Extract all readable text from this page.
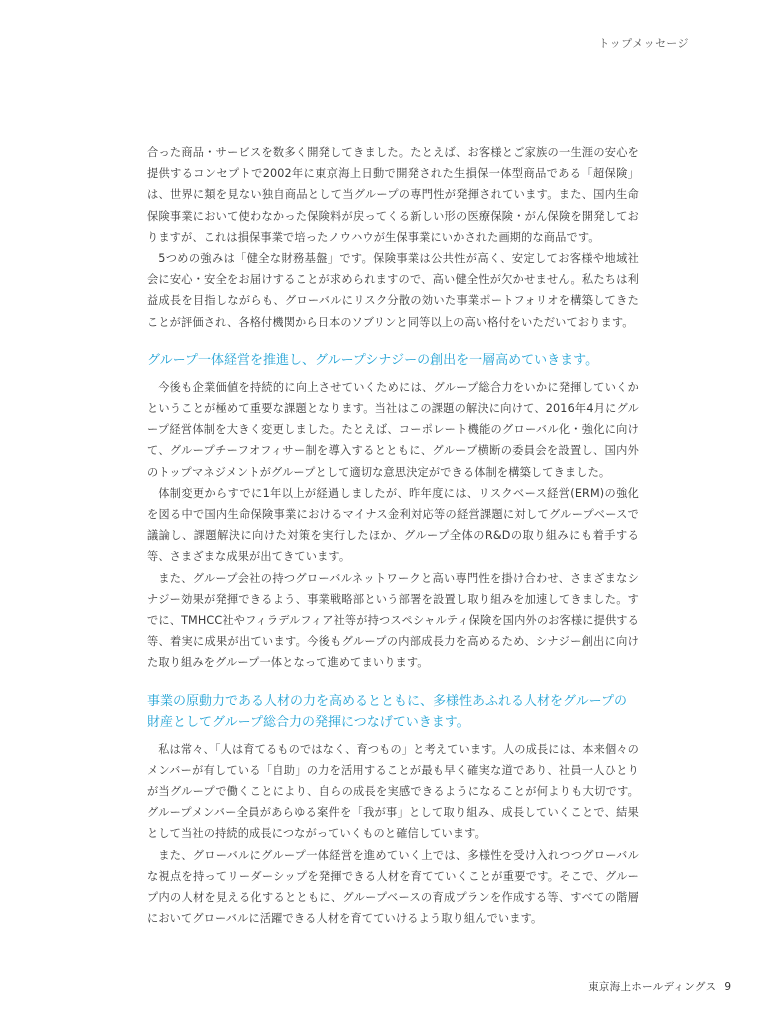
トップメッセージ

合った商品・サービスを数多く開発してきました。たとえば、お客様とご家族の一生涯の安心を提供するコンセプトで2002年に東京海上日動で開発された生損保一体型商品である「超保険」は、世界に類を見ない独自商品として当グループの専門性が発揮されています。また、国内生命保険事業において使わなかった保険料が戻ってくる新しい形の医療保険・がん保険を開発しておりますが、これは損保事業で培ったノウハウが生保事業にいかされた画期的な商品です。

5つめの強みは「健全な財務基盤」です。保険事業は公共性が高く、安定してお客様や地域社会に安心・安全をお届けすることが求められますので、高い健全性が欠かせません。私たちは利益成長を目指しながらも、グローバルにリスク分散の効いた事業ポートフォリオを構築してきたことが評価され、各格付機関から日本のソブリンと同等以上の高い格付をいただいております。

グループ一体経営を推進し、グループシナジーの創出を一層高めていきます。

今後も企業価値を持続的に向上させていくためには、グループ総合力をいかに発揮していくかということが極めて重要な課題となります。当社はこの課題の解決に向けて、2016年4月にグループ経営体制を大きく変更しました。たとえば、コーポレート機能のグローバル化・強化に向けて、グループチーフオフィサー制を導入するとともに、グループ横断の委員会を設置し、国内外のトップマネジメントがグループとして適切な意思決定ができる体制を構築してきました。

体制変更からすでに1年以上が経過しましたが、昨年度には、リスクベース経営(ERM)の強化を図る中で国内生命保険事業におけるマイナス金利対応等の経営課題に対してグループベースで議論し、課題解決に向けた対策を実行したほか、グループ全体のR&Dの取り組みにも着手する等、さまざまな成果が出てきています。

また、グループ会社の持つグローバルネットワークと高い専門性を掛け合わせ、さまざまなシナジー効果が発揮できるよう、事業戦略部という部署を設置し取り組みを加速してきました。すでに、TMHCC社やフィラデルフィア社等が持つスペシャルティ保険を国内外のお客様に提供する等、着実に成果が出ています。今後もグループの内部成長力を高めるため、シナジー創出に向けた取り組みをグループ一体となって進めてまいります。

事業の原動力である人材の力を高めるとともに、多様性あふれる人材をグループの財産としてグループ総合力の発揮につなげていきます。

私は常々、「人は育てるものではなく、育つもの」と考えています。人の成長には、本来個々のメンバーが有している「自助」の力を活用することが最も早く確実な道であり、社員一人ひとりが当グループで働くことにより、自らの成長を実感できるようになることが何よりも大切です。グループメンバー全員があらゆる案件を「我が事」として取り組み、成長していくことで、結果として当社の持続的成長につながっていくものと確信しています。

また、グローバルにグループ一体経営を進めていく上では、多様性を受け入れつつグローバルな視点を持ってリーダーシップを発揮できる人材を育てていくことが重要です。そこで、グループ内の人材を見える化するとともに、グループベースの育成プランを作成する等、すべての階層においてグローバルに活躍できる人材を育てていけるよう取り組んでいます。

東京海上ホールディングス 9
